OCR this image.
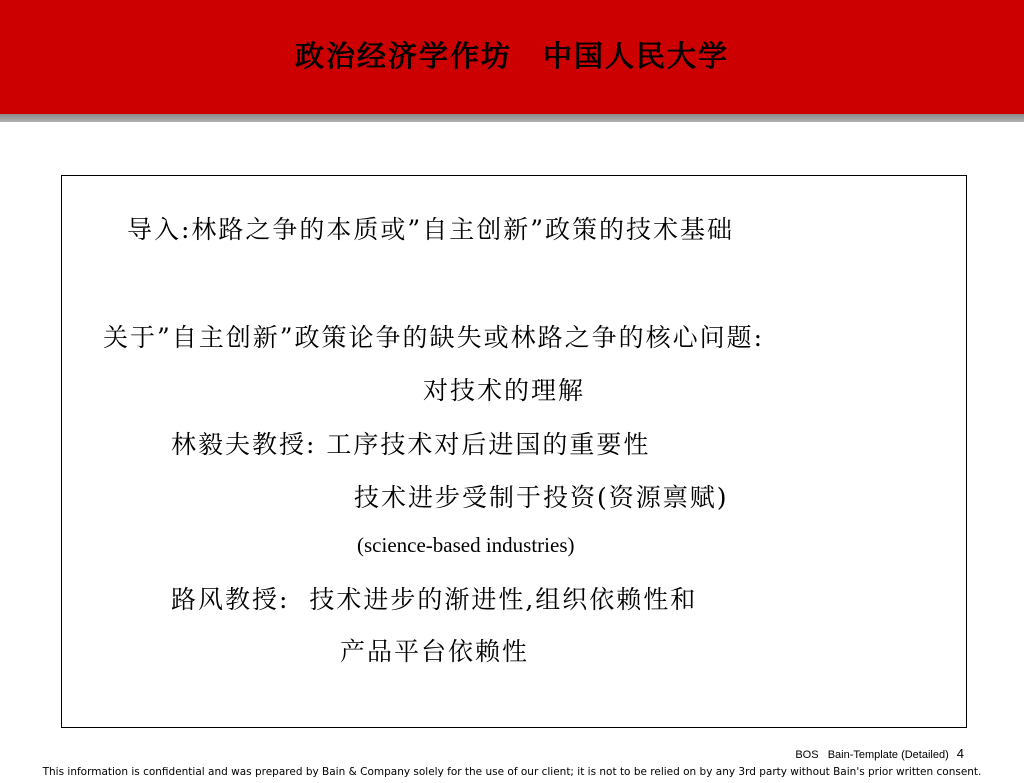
政治经济学作坊　中国人民大学
导入:林路之争的本质或”自主创新”政策的技术基础
关于”自主创新”政策论争的缺失或林路之争的核心问题:
对技术的理解
林毅夫教授: 工序技术对后进国的重要性
技术进步受制于投资(资源禀赋)
(science-based industries)
路风教授:  技术进步的渐进性,组织依赖性和
产品平台依赖性
BOS   Bain-Template (Detailed) 4
This information is confidential and was prepared by Bain & Company solely for the use of our client; it is not to be relied on by any 3rd party without Bain's prior written consent.
